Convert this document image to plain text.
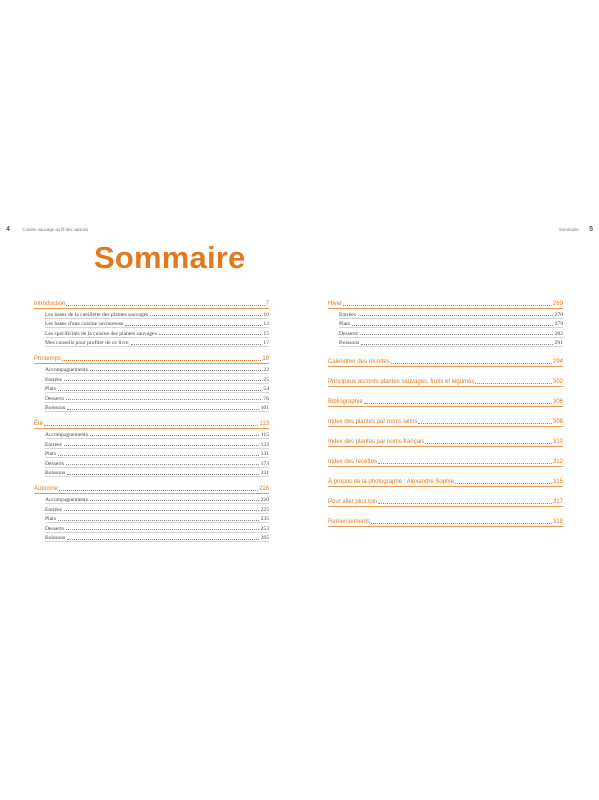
4	Cuisine sauvage au fil des saisons	Sommaire 5
Sommaire
Introduction	7
Les bases de la cueillette des plantes sauvages	10
Les bases d'une cuisine savoureuse	12
Les spécificités de la cuisine des plantes sauvages	15
Mes conseils pour profiter de ce livre	17
Printemps	19
Accompagnements	22
Entrées	25
Plats	54
Desserts	76
Boissons	101
Été	113
Accompagnements	115
Entrées	122
Plats	141
Desserts	173
Boissons	211
Automne	216
Accompagnements	220
Entrées	225
Plats	235
Desserts	253
Boissons	265
Hiver	269
Entrées	270
Plats	279
Desserts	282
Boissons	291
Calendrier des récoltes	294
Principaux accords plantes sauvages, fruits et légumes	302
Bibliographie	306
Index des plantes par noms latins	308
Index des plantes par noms français	310
Index des recettes	312
À propos de la photographe : Alexandre Sophie	315
Pour aller plus loin	317
Remerciements	318
